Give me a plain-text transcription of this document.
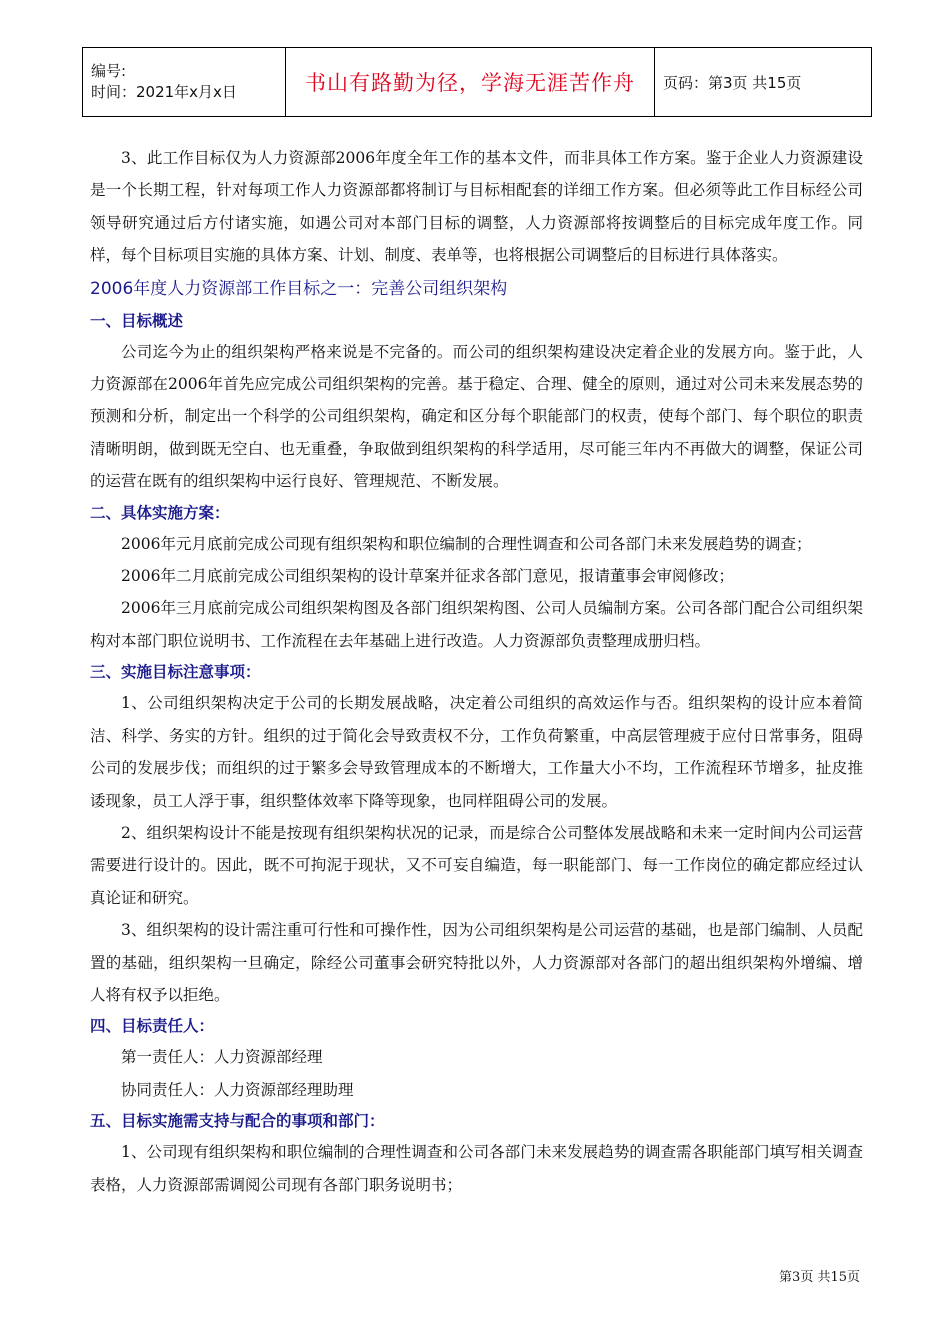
编号:
时间：2021年x月x日	书山有路勤为径，学海无涯苦作舟	页码：第3页 共15页

3、此工作目标仅为人力资源部2006年度全年工作的基本文件，而非具体工作方案。鉴于企业人力资源建设是一个长期工程，针对每项工作人力资源部都将制订与目标相配套的详细工作方案。但必须等此工作目标经公司领导研究通过后方付诸实施，如遇公司对本部门目标的调整，人力资源部将按调整后的目标完成年度工作。同样，每个目标项目实施的具体方案、计划、制度、表单等，也将根据公司调整后的目标进行具体落实。

2006年度人力资源部工作目标之一：完善公司组织架构

一、目标概述

公司迄今为止的组织架构严格来说是不完备的。而公司的组织架构建设决定着企业的发展方向。鉴于此，人力资源部在2006年首先应完成公司组织架构的完善。基于稳定、合理、健全的原则，通过对公司未来发展态势的预测和分析，制定出一个科学的公司组织架构，确定和区分每个职能部门的权责，使每个部门、每个职位的职责清晰明朗，做到既无空白、也无重叠，争取做到组织架构的科学适用，尽可能三年内不再做大的调整，保证公司的运营在既有的组织架构中运行良好、管理规范、不断发展。

二、具体实施方案：

2006年元月底前完成公司现有组织架构和职位编制的合理性调查和公司各部门未来发展趋势的调查；

2006年二月底前完成公司组织架构的设计草案并征求各部门意见，报请董事会审阅修改；

2006年三月底前完成公司组织架构图及各部门组织架构图、公司人员编制方案。公司各部门配合公司组织架构对本部门职位说明书、工作流程在去年基础上进行改造。人力资源部负责整理成册归档。

三、实施目标注意事项：

1、公司组织架构决定于公司的长期发展战略，决定着公司组织的高效运作与否。组织架构的设计应本着简洁、科学、务实的方针。组织的过于简化会导致责权不分，工作负荷繁重，中高层管理疲于应付日常事务，阻碍公司的发展步伐；而组织的过于繁多会导致管理成本的不断增大，工作量大小不均，工作流程环节增多，扯皮推诿现象，员工人浮于事，组织整体效率下降等现象，也同样阻碍公司的发展。

2、组织架构设计不能是按现有组织架构状况的记录，而是综合公司整体发展战略和未来一定时间内公司运营需要进行设计的。因此，既不可拘泥于现状，又不可妄自编造，每一职能部门、每一工作岗位的确定都应经过认真论证和研究。

3、组织架构的设计需注重可行性和可操作性，因为公司组织架构是公司运营的基础，也是部门编制、人员配置的基础，组织架构一旦确定，除经公司董事会研究特批以外，人力资源部对各部门的超出组织架构外增编、增人将有权予以拒绝。

四、目标责任人：

第一责任人：人力资源部经理

协同责任人：人力资源部经理助理

五、目标实施需支持与配合的事项和部门：

1、公司现有组织架构和职位编制的合理性调查和公司各部门未来发展趋势的调查需各职能部门填写相关调查表格，人力资源部需调阅公司现有各部门职务说明书；

第3页 共15页
